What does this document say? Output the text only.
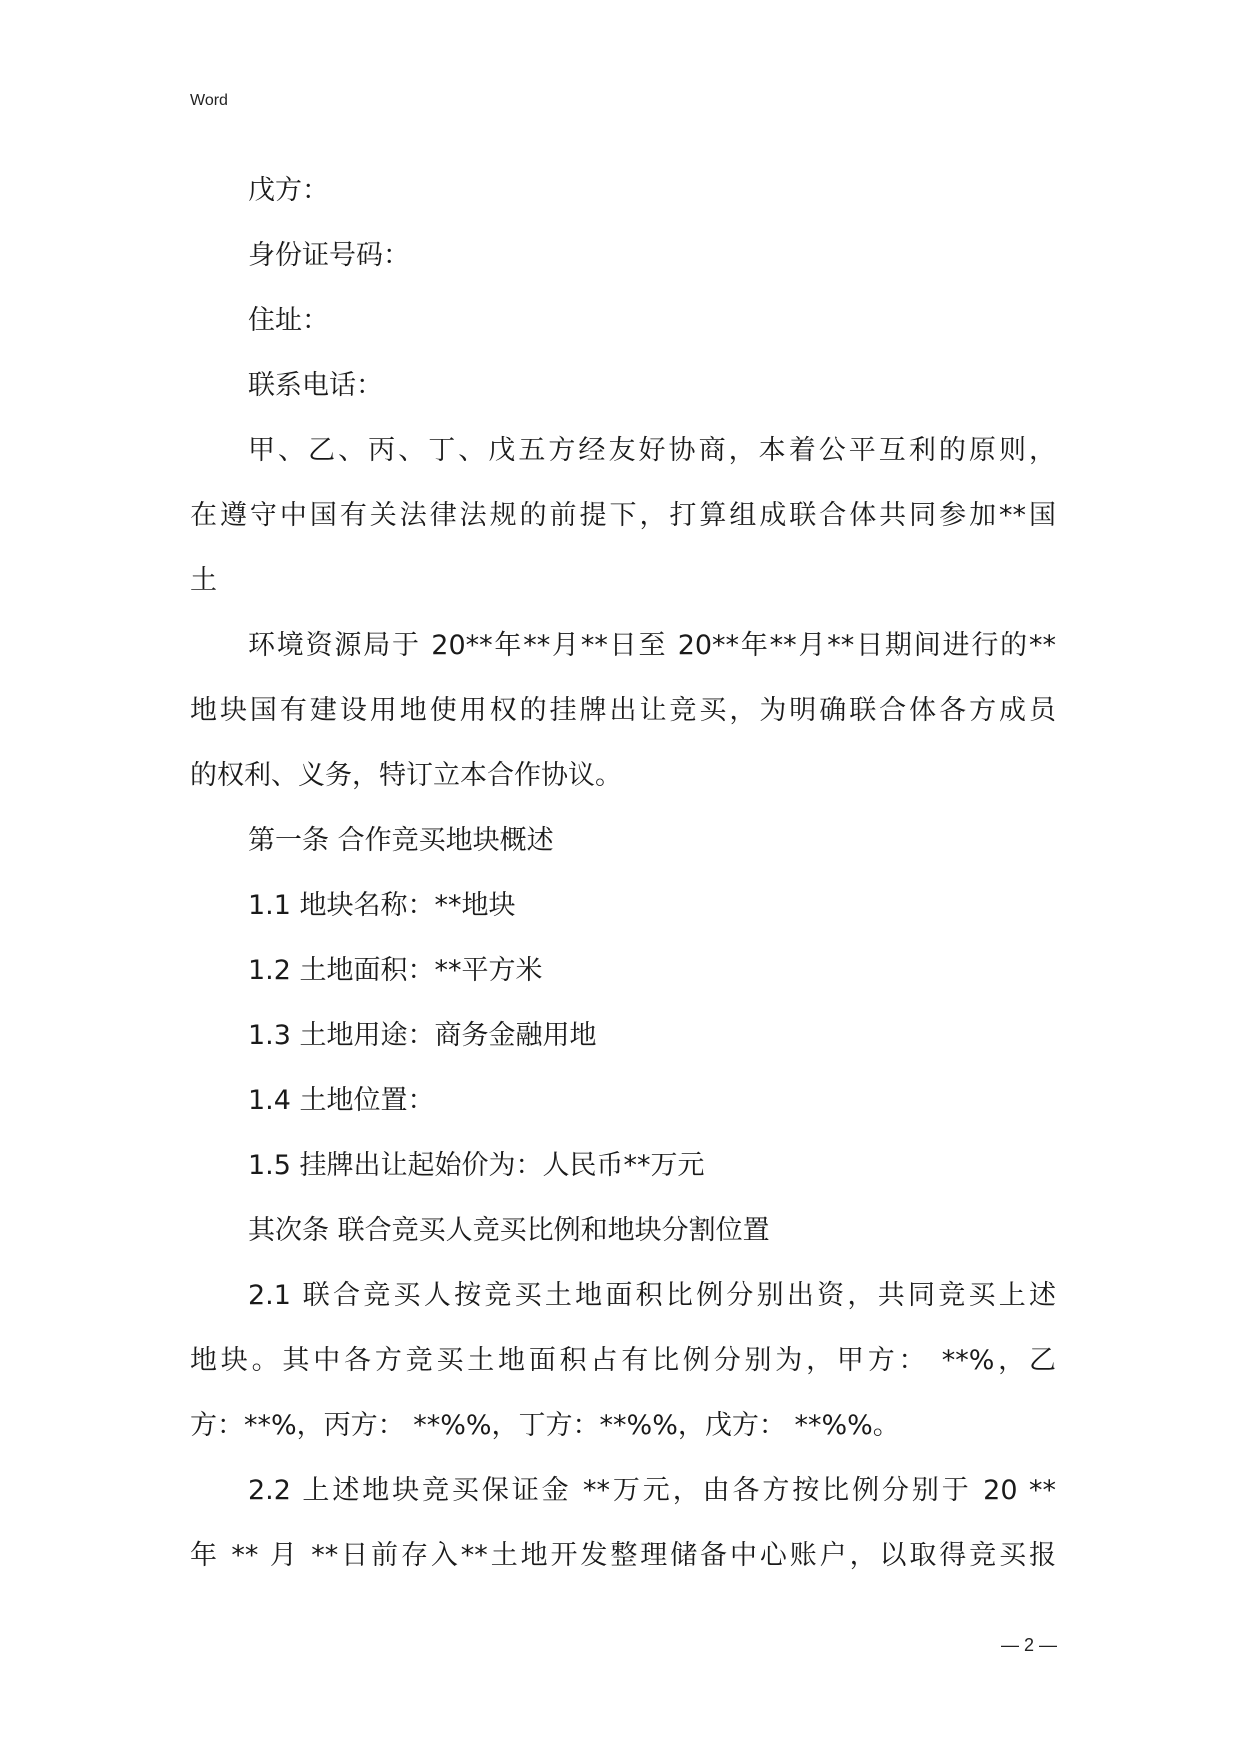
Word
戊方：
身份证号码：
住址：
联系电话：
甲、乙、丙、丁、戊五方经友好协商，本着公平互利的原则，
在遵守中国有关法律法规的前提下，打算组成联合体共同参加**国
土
环境资源局于 20**年**月**日至 20**年**月**日期间进行的**
地块国有建设用地使用权的挂牌出让竞买，为明确联合体各方成员
的权利、义务，特订立本合作协议。
第一条 合作竞买地块概述
1.1 地块名称：**地块
1.2 土地面积：**平方米
1.3 土地用途：商务金融用地
1.4 土地位置：
1.5 挂牌出让起始价为：人民币**万元
其次条 联合竞买人竞买比例和地块分割位置
2.1 联合竞买人按竞买土地面积比例分别出资，共同竞买上述
地块。其中各方竞买土地面积占有比例分别为，甲方： **%，乙
方：**%，丙方： **%%，丁方：**%%，戊方： **%%。
2.2 上述地块竞买保证金 **万元，由各方按比例分别于 20 **
年 ** 月 **日前存入**土地开发整理储备中心账户，以取得竞买报
— 2 —
